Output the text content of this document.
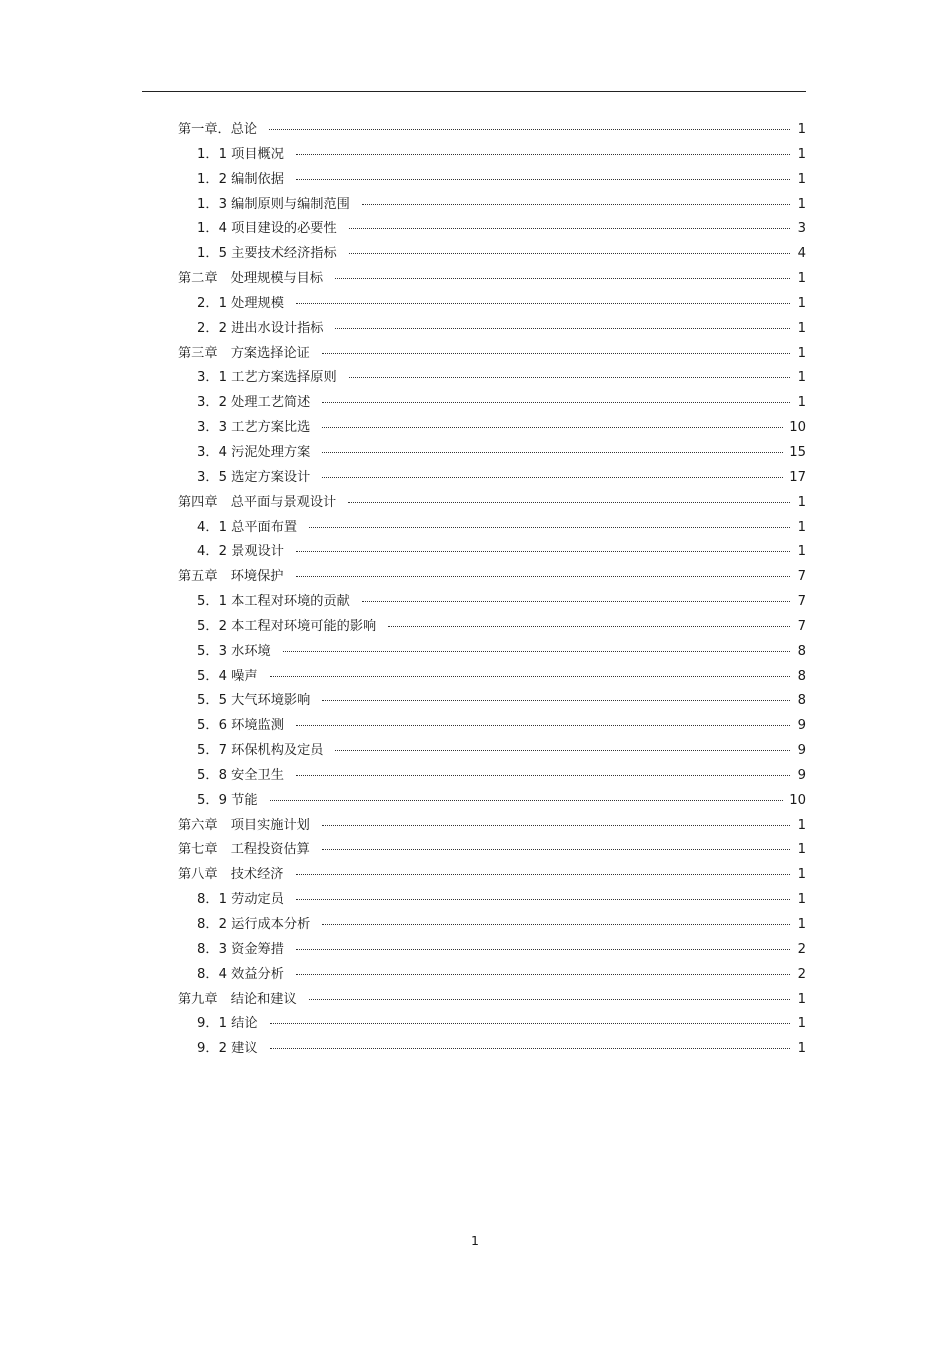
第一章．总论	1
1．1 项目概况	1
1．2 编制依据	1
1．3 编制原则与编制范围	1
1．4 项目建设的必要性	3
1．5 主要技术经济指标	4
第二章　处理规模与目标	1
2．1 处理规模	1
2．2 进出水设计指标	1
第三章　方案选择论证	1
3．1 工艺方案选择原则	1
3．2 处理工艺简述	1
3．3 工艺方案比选	10
3．4 污泥处理方案	15
3．5 选定方案设计	17
第四章　总平面与景观设计	1
4．1 总平面布置	1
4．2 景观设计	1
第五章　环境保护	7
5．1 本工程对环境的贡献	7
5．2 本工程对环境可能的影响	7
5．3 水环境	8
5．4 噪声	8
5．5 大气环境影响	8
5．6 环境监测	9
5．7 环保机构及定员	9
5．8 安全卫生	9
5．9 节能	10
第六章　项目实施计划	1
第七章　工程投资估算	1
第八章　技术经济	1
8．1 劳动定员	1
8．2 运行成本分析	1
8．3 资金筹措	2
8．4 效益分析	2
第九章　结论和建议	1
9．1 结论	1
9．2 建议	1
1
